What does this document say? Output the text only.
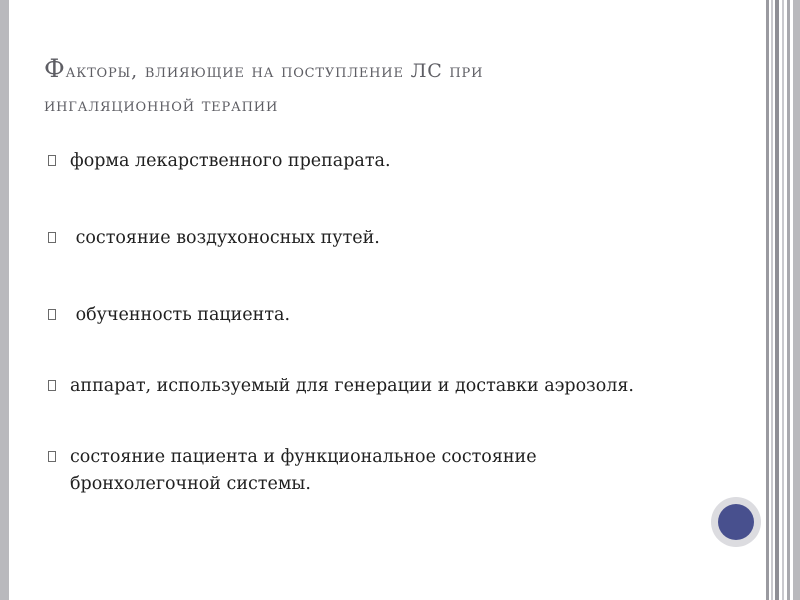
Факторы, влияющие на поступление ЛС при
ингаляционной терапии
форма лекарственного препарата.
состояние воздухоносных путей.
обученность пациента.
аппарат, используемый для генерации и доставки аэрозоля.
состояние пациента и функциональное состояние бронхолегочной системы.
